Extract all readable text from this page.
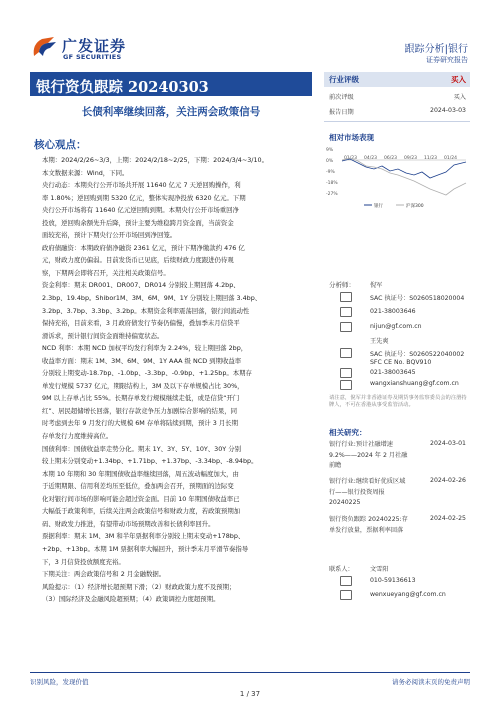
广发证券
GF SECURITIES
跟踪分析|银行
证券研究报告
银行资负跟踪 20240303
长债利率继续回落，关注两会政策信号
核心观点：
• 本期：2024/2/26~3/3，上期：2024/2/18~2/25，下期：2024/3/4~3/10。
本文数据来源：Wind，下同。
• 央行动态：本期央行公开市场共开展 11640 亿元 7 天逆回购操作，利
率 1.80%；逆回购到期 5320 亿元，整体实现净投放 6320 亿元。下期
央行公开市场将有 11640 亿元逆回购到期。本期央行公开市场重回净
投放，逆回购余额先升后降，预计主要为维稳跨月资金面，当前资金
面较充裕，预计下期央行公开市场回到净回笼。
• 政府债融资：本期政府债净融资 2361 亿元，预计下期净缴款约 476 亿
元，财政力度仍偏弱。目前发货币已见底，后续财政力度跟进仍待观
察，下期两会即将召开，关注相关政策信号。
• 资金利率：期末 DR001、DR007、DR014 分别较上期回落 4.2bp、
2.3bp、19.4bp。Shibor1M、3M、6M、9M、1Y 分别较上期回落 3.4bp、
3.2bp、3.7bp、3.3bp、3.2bp。本期资金利率震荡回落，银行间流动性
保持充裕，目前来看，3 月政府债发行节奏仍偏慢，叠加季末月信贷平
滑诉求，预计银行间资金面维持偏宽状态。
• NCD 利率：本期 NCD 加权平均发行利率为 2.24%，较上期回落 2bp，
收益率方面：期末 1M、3M、6M、9M、1Y AAA 级 NCD 到期收益率
分别较上期变动-18.7bp、-1.0bp、-3.3bp、-0.9bp、+1.25bp。本期存
单发行规模 5737 亿元，期限结构上，3M 及以下存单规模占比 30%，
9M 以上存单占比 55%。长期存单发行规模继续走低，或是信贷“开门
红”、居民超储增长回落，银行存款竞争压力加剧综合影响的结果，同
时考虑到去年 9 月发行的大规模 6M 存单将陆续到期，预计 3 月长期
存单发行力度维持高位。
• 国债利率：国债收益率走势分化。期末 1Y、3Y、5Y、10Y、30Y 分别
较上期末分别变动+1.34bp、+1.71bp、+1.37bp、-3.34bp、-8.94bp。
本期 10 年期和 30 年期国债收益率继续回落，周五波动幅度加大，由
于近期期限、信用利差均压至低位，叠加两会召开，预期面的边际变
化对银行间市场的影响可能会超过资金面。目前 10 年期国债收益率已
大幅低于政策利率，后续关注两会政策信号和财政力度，若政策预期加
码、财政发力推进，有望带动市场预期改善和长债利率回升。
• 票据利率：期末 1M、3M 和半年票据利率分别较上期末变动+178bp、
+2bp、+13bp。本期 1M 票据利率大幅回升，预计季末月平滑节奏指导
下，3 月信贷投放额度充裕。
• 下期关注：两会政策信号和 2 月金融数据。
• 风险提示：（1）经济增长超预期下滑；（2）财政政策力度不及预期；
（3）国际经济及金融风险超预期；（4）政策调控力度超预期。
行业评级	买入
前次评级	买入
报告日期	2024-03-03
相对市场表现
9%
0%
-9%
-18%
-27%
01/23 04/23 06/23 09/23 11/23 01/24
银行	沪深300
分析师： 倪军
SAC 执证号：S0260518020004
021-38003646
nijun@gf.com.cn
王先爽
SAC 执证号：S0260522040002
SFC CE No. BQV910
021-38003645
wangxianshuang@gf.com.cn
请注意，倪军并非香港证券及期货事务监察委员会的注册持牌人，不可在香港从事受监管活动。
相关研究：
银行行业:预计社融增速
9.2%——2024 年 2 月社融
前瞻
2024-03-01
银行行业:继续看好优质区域
行——银行投资周报
20240225
2024-02-26
银行资负跟踪 20240225:存
单发行放量，票据利率回落
2024-02-25
联系人：	文雪阳
010-59136613
wenxueyang@gf.com.cn
识别风险，发现价值	请务必阅读末页的免责声明
1 / 37
